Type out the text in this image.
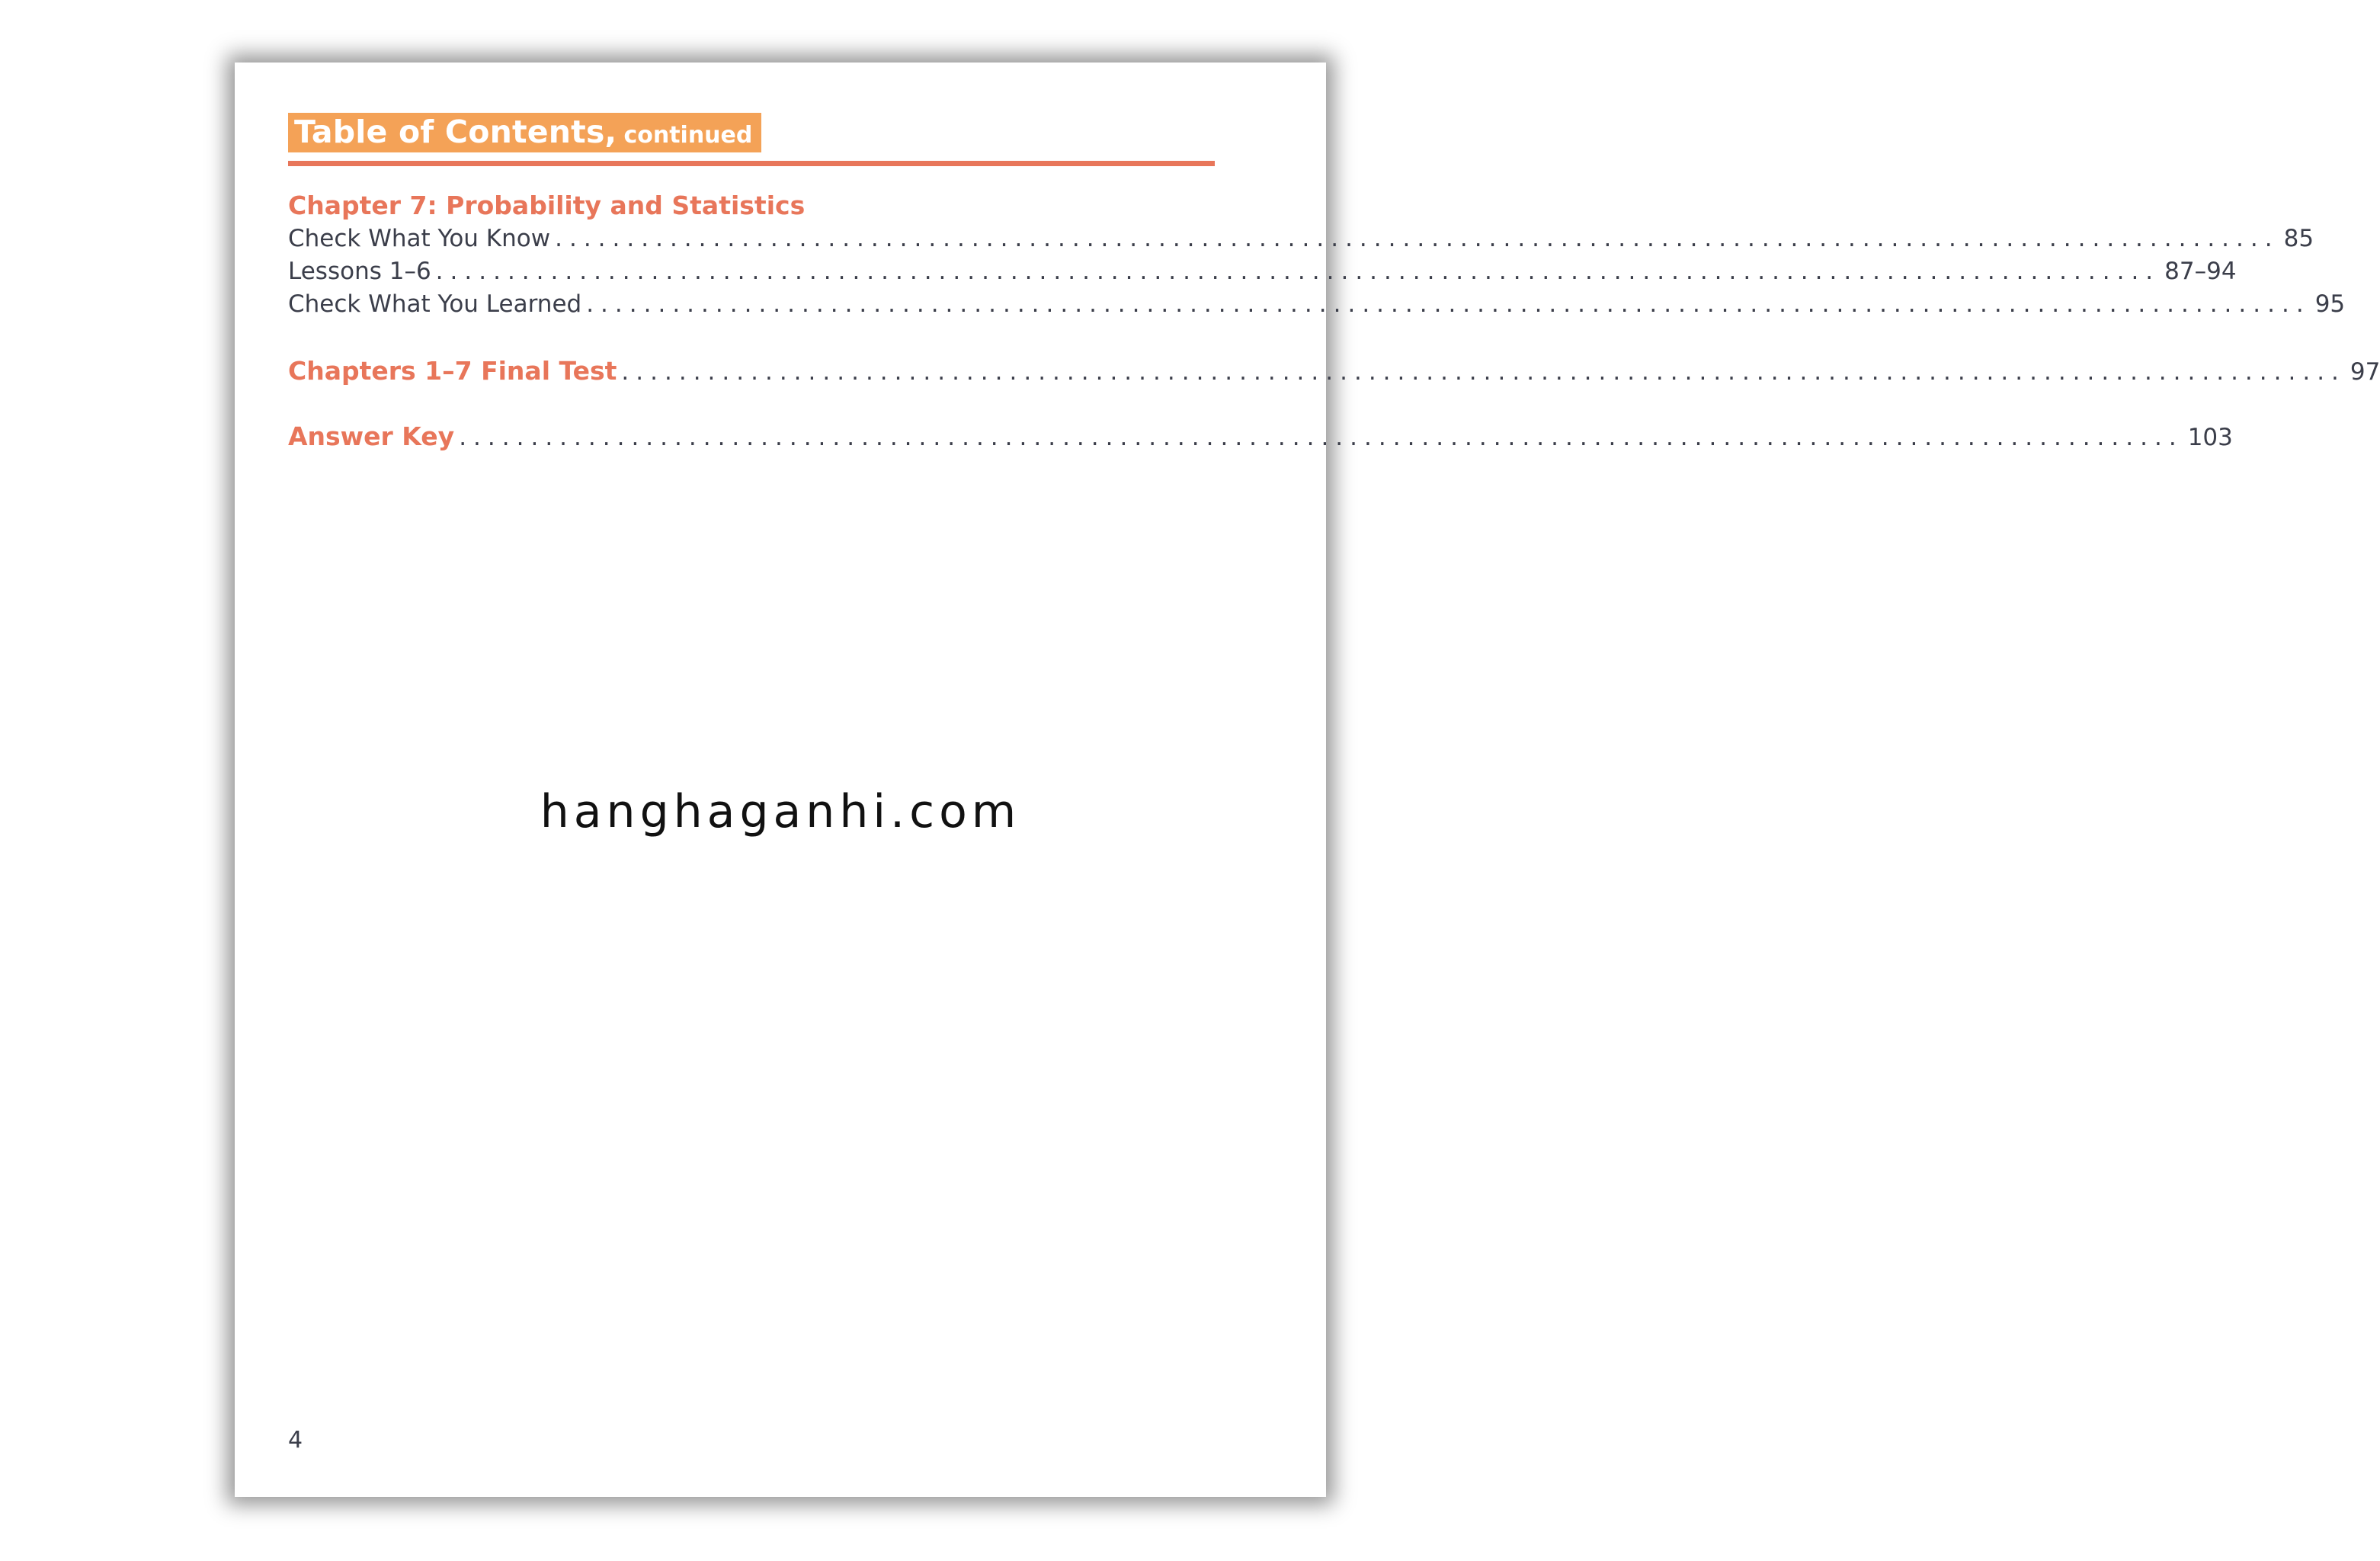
Table of Contents, continued
Chapter 7: Probability and Statistics
Check What You Know ........................................................................................................................ 85
Lessons 1–6 ........................................................................................................................ 87–94
Check What You Learned ........................................................................................................................ 95
Chapters 1–7 Final Test ........................................................................................................................ 97
Answer Key ........................................................................................................................ 103
4
hanghaganhi.com
